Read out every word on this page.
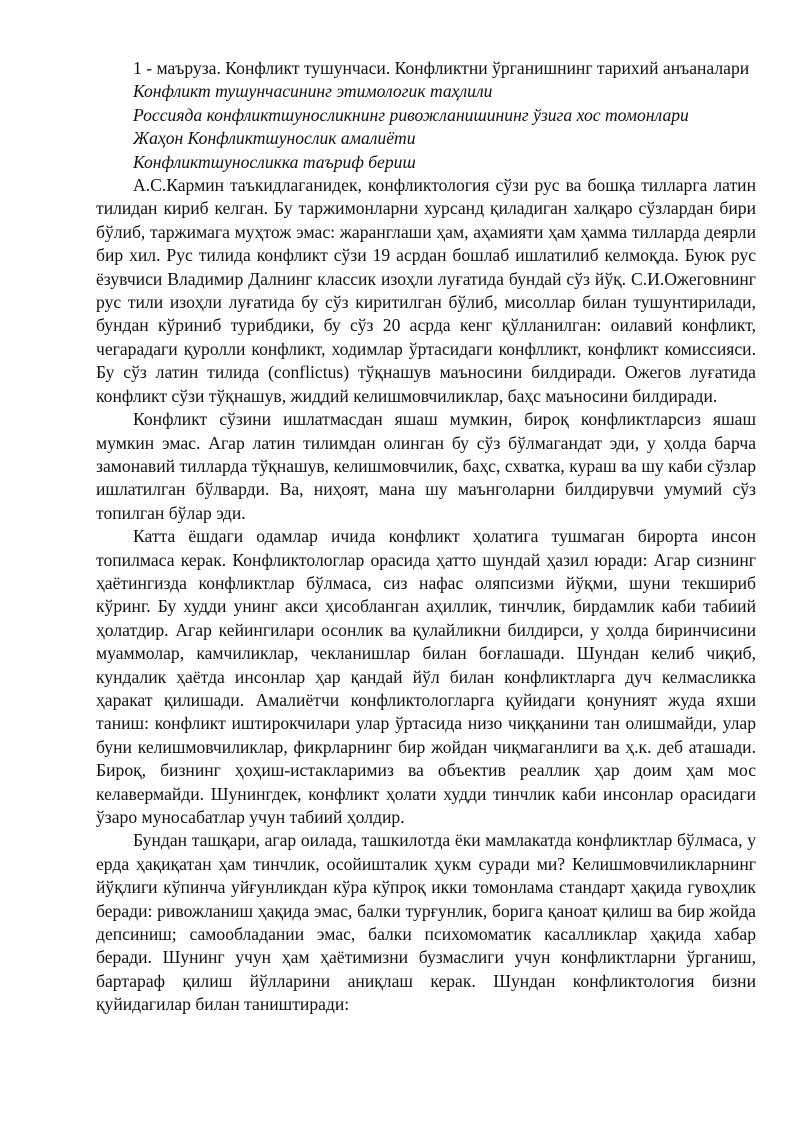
1 - маъруза. Конфликт тушунчаси. Конфликтни ўрганишнинг тарихий анъаналари

Конфликт тушунчасининг этимологик таҳлили

Россияда конфликтшуносликнинг ривожланишининг ўзига хос томонлари

Жаҳон Конфликтшунослик амалиёти

Конфликтшуносликка таъриф бериш

А.С.Кармин таъкидлаганидек, конфликтология сўзи рус ва бошқа тилларга латин тилидан кириб келган. Бу таржимонларни хурсанд қиладиган халқаро сўзлардан бири бўлиб, таржимага муҳтож эмас: жаранглаши ҳам, аҳамияти ҳам ҳамма тилларда деярли бир хил. Рус тилида конфликт сўзи 19 асрдан бошлаб ишлатилиб келмоқда. Буюк рус ёзувчиси Владимир Далнинг классик изоҳли луғатида бундай сўз йўқ. С.И.Ожеговнинг рус тили изоҳли луғатида бу сўз киритилган бўлиб, мисоллар билан тушунтирилади, бундан кўриниб турибдики, бу сўз 20 асрда кенг қўлланилган: оилавий конфликт, чегарадаги қуролли конфликт, ходимлар ўртасидаги конфлликт, конфликт комиссияси. Бу сўз латин тилида (conflictus) тўқнашув маъносини билдиради. Ожегов луғатида конфликт сўзи тўқнашув, жиддий келишмовчиликлар, баҳс маъносини билдиради.

Конфликт сўзини ишлатмасдан яшаш мумкин, бироқ конфликтларсиз яшаш мумкин эмас. Агар латин тилимдан олинган бу сўз бўлмагандат эди, у ҳолда барча замонавий тилларда тўқнашув, келишмовчилик, баҳс, схватка, кураш ва шу каби сўзлар ишлатилган бўлварди. Ва, ниҳоят, мана шу маънголарни билдирувчи умумий сўз топилган бўлар эди.

Катта ёшдаги одамлар ичида конфликт ҳолатига тушмаган бирорта инсон топилмаса керак. Конфликтологлар орасида ҳатто шундай ҳазил юради: Агар сизнинг ҳаётингизда конфликтлар бўлмаса, сиз нафас оляпсизми йўқми, шуни текшириб кўринг. Бу худди унинг акси ҳисобланган аҳиллик, тинчлик, бирдамлик каби табиий ҳолатдир. Агар кейингилари осонлик ва қулайликни билдирси, у ҳолда биринчисини муаммолар, камчиликлар, чекланишлар билан боғлашади. Шундан келиб чиқиб, кундалик ҳаётда инсонлар ҳар қандай йўл билан конфликтларга дуч келмасликка ҳаракат қилишади. Амалиётчи конфликтологларга қуйидаги қонуният жуда яхши таниш: конфликт иштирокчилари улар ўртасида низо чиққанини тан олишмайди, улар буни келишмовчиликлар, фикрларнинг бир жойдан чиқмаганлиги ва ҳ.к. деб аташади. Бироқ, бизнинг ҳоҳиш-истакларимиз ва объектив реаллик ҳар доим ҳам мос келавермайди. Шунингдек, конфликт ҳолати худди тинчлик каби инсонлар орасидаги ўзаро муносабатлар учун табиий ҳолдир.

Бундан ташқари, агар оилада, ташкилотда ёки мамлакатда конфликтлар бўлмаса, у ерда ҳақиқатан ҳам тинчлик, осойишталик ҳукм суради ми? Келишмовчиликларнинг йўқлиги кўпинча уйғунликдан кўра кўпроқ икки томонлама стандарт ҳақида гувоҳлик беради: ривожланиш ҳақида эмас, балки турғунлик, борига қаноат қилиш ва бир жойда депсиниш; самообладании эмас, балки психомоматик касалликлар ҳақида хабар беради. Шунинг учун ҳам ҳаётимизни бузмаслиги учун конфликтларни ўрганиш, бартараф қилиш йўлларини аниқлаш керак. Шундан конфликтология бизни қуйидагилар билан таништиради:
